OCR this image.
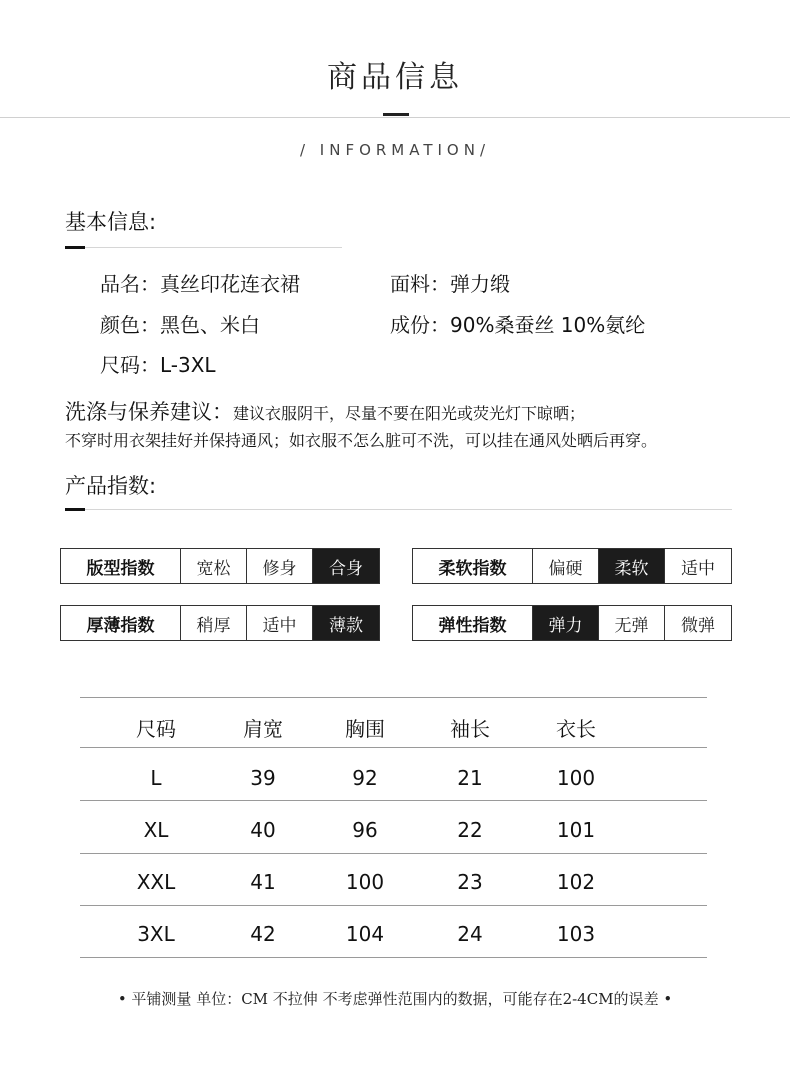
商品信息
/ INFORMATION/
基本信息:
品名：真丝印花连衣裙	面料：弹力缎
颜色：黑色、米白	成份：90%桑蚕丝 10%氨纶
尺码：L-3XL
洗涤与保养建议：建议衣服阴干，尽量不要在阳光或荧光灯下晾晒；
不穿时用衣架挂好并保持通风；如衣服不怎么脏可不洗，可以挂在通风处晒后再穿。
产品指数:
版型指数	宽松	修身	合身	柔软指数	偏硬	柔软	适中
厚薄指数	稍厚	适中	薄款	弹性指数	弹力	无弹	微弹
尺码	肩宽	胸围	袖长	衣长
L	39	92	21	100
XL	40	96	22	101
XXL	41	100	23	102
3XL	42	104	24	103
• 平铺测量 单位：CM 不拉伸 不考虑弹性范围内的数据，可能存在2-4CM的误差 •
